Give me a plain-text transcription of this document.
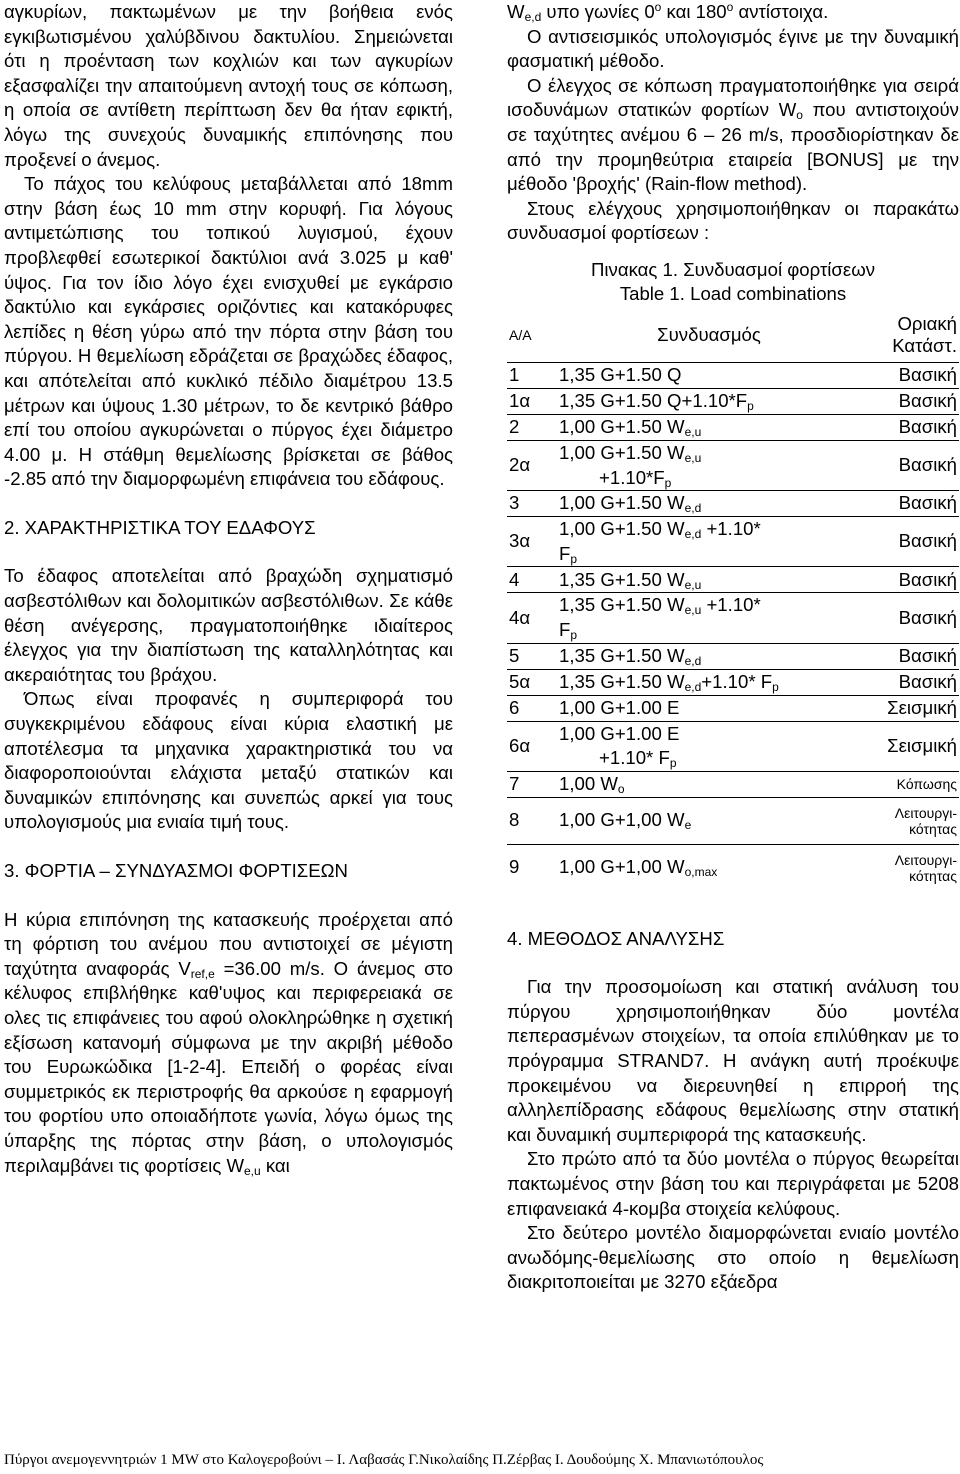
αγκυρίων, πακτωμένων με την βοήθεια ενός εγκιβωτισμένου χαλύβδινου δακτυλίου. Σημειώνεται ότι η προένταση των κοχλιών και των αγκυρίων εξασφαλίζει την απαιτούμενη αντοχή τους σε κόπωση, η οποία σε αντίθετη περίπτωση δεν θα ήταν εφικτή, λόγω της συνεχούς δυναμικής επιπόνησης που προξενεί ο άνεμος.

Το πάχος του κελύφους μεταβάλλεται από 18mm στην βάση έως 10 mm στην κορυφή. Για λόγους αντιμετώπισης του τοπικού λυγισμού, έχουν προβλεφθεί εσωτερικοί δακτύλιοι ανά 3.025 μ καθ' ύψος. Για τον ίδιο λόγο έχει ενισχυθεί με εγκάρσιο δακτύλιο και εγκάρσιες οριζόντιες και κατακόρυφες λεπίδες η θέση γύρω από την πόρτα στην βάση του πύργου. Η θεμελίωση εδράζεται σε βραχώδες έδαφος, και απότελείται από κυκλικό πέδιλο διαμέτρου 13.5 μέτρων και ύψους 1.30 μέτρων, το δε κεντρικό βάθρο επί του οποίου αγκυρώνεται ο πύργος έχει διάμετρο 4.00 μ. Η στάθμη θεμελίωσης βρίσκεται σε βάθος -2.85 από την διαμορφωμένη επιφάνεια του εδάφους.

2. ΧΑΡΑΚΤΗΡΙΣΤΙΚΑ ΤΟΥ ΕΔΑΦΟΥΣ

Το έδαφος αποτελείται από βραχώδη σχηματισμό ασβεστόλιθων και δολομιτικών ασβεστόλιθων. Σε κάθε θέση ανέγερσης, πραγματοποιήθηκε ιδιαίτερος έλεγχος για την διαπίστωση της καταλληλότητας και ακεραιότητας του βράχου.

Όπως είναι προφανές η συμπεριφορά του συγκεκριμένου εδάφους είναι κύρια ελαστική με αποτέλεσμα τα μηχανικα χαρακτηριστικά του να διαφοροποιούνται ελάχιστα μεταξύ στατικών και δυναμικών επιπόνησης και συνεπώς αρκεί για τους υπολογισμούς μια ενιαία τιμή τους.

3. ΦΟΡΤΙΑ – ΣΥΝΔΥΑΣΜΟΙ ΦΟΡΤΙΣΕΩΝ

Η κύρια επιπόνηση της κατασκευής προέρχεται από τη φόρτιση του ανέμου που αντιστοιχεί σε μέγιστη ταχύτητα αναφοράς $V_{ref,e} =36.00$ m/s. Ο άνεμος στο κέλυφος επιβλήθηκε καθ'υψος και περιφερειακά σε ολες τις επιφάνειες του αφού ολοκληρώθηκε η σχετική εξίσωση κατανομή σύμφωνα με την ακριβή μέθοδο του Ευρωκώδικα [1-2-4]. Επειδή ο φορέας είναι συμμετρικός εκ περιστροφής θα αρκούσε η εφαρμογή του φορτίου υπο οποιαδήποτε γωνία, λόγω όμως της ύπαρξης της πόρτας στην βάση, ο υπολογισμός περιλαμβάνει τις φορτίσεις $W_{e,u}$ και

$W_{e,d}$ υπο γωνίες 0$^o$ και 180$^o$ αντίστοιχα.

Ο αντισεισμικός υπολογισμός έγινε με την δυναμική φασματική μέθοδο.

Ο έλεγχος σε κόπωση πραγματοποιήθηκε για σειρά ισοδυνάμων στατικών φορτίων $W_o$ που αντιστοιχούν σε ταχύτητες ανέμου 6 – 26 m/s, προσδιορίστηκαν δε από την προμηθεύτρια εταιρεία [BONUS] με την μέθοδο 'βροχής' (Rain-flow method).

Στους ελέγχους χρησιμοποιήθηκαν οι παρακάτω συνδυασμοί φορτίσεων :

Πινακας 1. Συνδυασμοί φορτίσεων
Table 1. Load combinations
A/A	Συνδυασμός	Οριακή
Κατάστ.
1	1,35 G+1.50 Q	Βασική
1α	1,35 G+1.50 $Q+1.10*F_p$	Βασική
2	1,00 G+1.50 $W_{e,u}$	Βασική
2α	1,00 G+1.50 $W_{e,u}$
$+1.10*F_p$	Βασική
3	1,00 G+1.50 $W_{e,d}$	Βασική
3α	1,00 G+1.50 $W_{e,d} +1.10*$
$F_p$	Βασική
4	1,35 G+1.50 $W_{e,u}$	Βασική
4α	1,35 G+1.50 $W_{e,u} +1.10*$
$F_p$	Βασική
5	1,35 G+1.50 $W_{e,d}$	Βασική
5α	1,35 G+1.50 $W_{e,d}+1.10*$ $F_p$	Βασική
6	1,00 G+1.00 E	Σεισμική
6α	1,00 G+1.00 E
+1.10* $F_p$	Σεισμική
7	1,00 $W_o$	Κόπωσης
8	1,00 G+1,00 $W_e$	Λειτουργι-
κότητας
9	1,00 G+1,00 $W_{o,max}$	Λειτουργι-
κότητας
4. ΜΕΘΟΔΟΣ ΑΝΑΛΥΣΗΣ

Για την προσομοίωση και στατική ανάλυση του πύργου χρησιμοποιήθηκαν δύο μοντέλα πεπερασμένων στοιχείων, τα οποία επιλύθηκαν με το πρόγραμμα STRAND7. Η ανάγκη αυτή προέκυψε προκειμένου να διερευνηθεί η επιρροή της αλληλεπίδρασης εδάφους θεμελίωσης στην στατική και δυναμική συμπεριφορά της κατασκευής.

Στο πρώτο από τα δύο μοντέλα ο πύργος θεωρείται πακτωμένος στην βάση του και περιγράφεται με 5208 επιφανειακά 4-κομβα στοιχεία κελύφους.

Στο δεύτερο μοντέλο διαμορφώνεται ενιαίο μοντέλο ανωδόμης-θεμελίωσης στο οποίο η θεμελίωση διακριτοποιείται με 3270 εξάεδρα

Πύργοι ανεμογεννητριών 1 MW στο Καλογεροβούνι – Ι. Λαβασάς Γ.Νικολαίδης Π.Ζέρβας Ι. Δουδούμης Χ. Μπανιωτόπουλος
